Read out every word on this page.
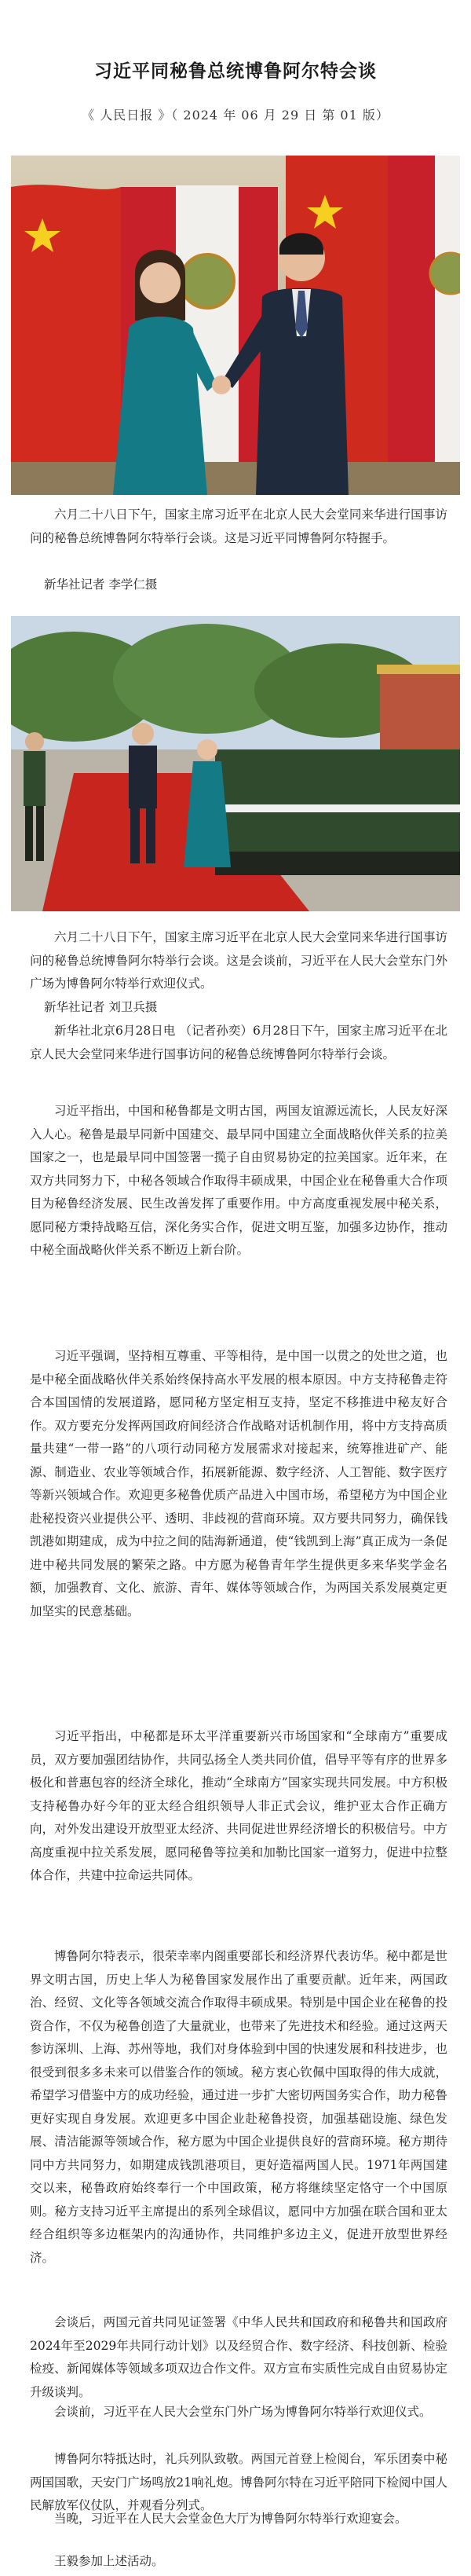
习近平同秘鲁总统博鲁阿尔特会谈
《 人民日报 》（ 2024 年 06 月 29 日 第 01 版）

六月二十八日下午，国家主席习近平在北京人民大会堂同来华进行国事访问的秘鲁总统博鲁阿尔特举行会谈。这是习近平同博鲁阿尔特握手。

新华社记者 李学仁摄

六月二十八日下午，国家主席习近平在北京人民大会堂同来华进行国事访问的秘鲁总统博鲁阿尔特举行会谈。这是会谈前，习近平在人民大会堂东门外广场为博鲁阿尔特举行欢迎仪式。

新华社记者 刘卫兵摄

新华社北京6月28日电 （记者孙奕）6月28日下午，国家主席习近平在北京人民大会堂同来华进行国事访问的秘鲁总统博鲁阿尔特举行会谈。

习近平指出，中国和秘鲁都是文明古国，两国友谊源远流长，人民友好深入人心。秘鲁是最早同新中国建交、最早同中国建立全面战略伙伴关系的拉美国家之一，也是最早同中国签署一揽子自由贸易协定的拉美国家。近年来，在双方共同努力下，中秘各领域合作取得丰硕成果，中国企业在秘鲁重大合作项目为秘鲁经济发展、民生改善发挥了重要作用。中方高度重视发展中秘关系，愿同秘方秉持战略互信，深化务实合作，促进文明互鉴，加强多边协作，推动中秘全面战略伙伴关系不断迈上新台阶。

习近平强调，坚持相互尊重、平等相待，是中国一以贯之的处世之道，也是中秘全面战略伙伴关系始终保持高水平发展的根本原因。中方支持秘鲁走符合本国国情的发展道路，愿同秘方坚定相互支持，坚定不移推进中秘友好合作。双方要充分发挥两国政府间经济合作战略对话机制作用，将中方支持高质量共建“一带一路”的八项行动同秘方发展需求对接起来，统筹推进矿产、能源、制造业、农业等领域合作，拓展新能源、数字经济、人工智能、数字医疗等新兴领域合作。欢迎更多秘鲁优质产品进入中国市场，希望秘方为中国企业赴秘投资兴业提供公平、透明、非歧视的营商环境。双方要共同努力，确保钱凯港如期建成，成为中拉之间的陆海新通道，使“钱凯到上海”真正成为一条促进中秘共同发展的繁荣之路。中方愿为秘鲁青年学生提供更多来华奖学金名额，加强教育、文化、旅游、青年、媒体等领域合作，为两国关系发展奠定更加坚实的民意基础。

习近平指出，中秘都是环太平洋重要新兴市场国家和“全球南方”重要成员，双方要加强团结协作，共同弘扬全人类共同价值，倡导平等有序的世界多极化和普惠包容的经济全球化，推动“全球南方”国家实现共同发展。中方积极支持秘鲁办好今年的亚太经合组织领导人非正式会议，维护亚太合作正确方向，对外发出建设开放型亚太经济、共同促进世界经济增长的积极信号。中方高度重视中拉关系发展，愿同秘鲁等拉美和加勒比国家一道努力，促进中拉整体合作，共建中拉命运共同体。

博鲁阿尔特表示，很荣幸率内阁重要部长和经济界代表访华。秘中都是世界文明古国，历史上华人为秘鲁国家发展作出了重要贡献。近年来，两国政治、经贸、文化等各领域交流合作取得丰硕成果。特别是中国企业在秘鲁的投资合作，不仅为秘鲁创造了大量就业，也带来了先进技术和经验。通过这两天参访深圳、上海、苏州等地，我们对身体验到中国的快速发展和科技进步，也很受到很多多未来可以借鉴合作的领域。秘方衷心钦佩中国取得的伟大成就，希望学习借鉴中方的成功经验，通过进一步扩大密切两国务实合作，助力秘鲁更好实现自身发展。欢迎更多中国企业赴秘鲁投资，加强基础设施、绿色发展、清洁能源等领域合作，秘方愿为中国企业提供良好的营商环境。秘方期待同中方共同努力，如期建成钱凯港项目，更好造福两国人民。1971年两国建交以来，秘鲁政府始终奉行一个中国政策，秘方将继续坚定恪守一个中国原则。秘方支持习近平主席提出的系列全球倡议，愿同中方加强在联合国和亚太经合组织等多边框架内的沟通协作，共同维护多边主义，促进开放型世界经济。

会谈后，两国元首共同见证签署《中华人民共和国政府和秘鲁共和国政府2024年至2029年共同行动计划》以及经贸合作、数字经济、科技创新、检验检疫、新闻媒体等领域多项双边合作文件。双方宣布实质性完成自由贸易协定升级谈判。

会谈前，习近平在人民大会堂东门外广场为博鲁阿尔特举行欢迎仪式。

博鲁阿尔特抵达时，礼兵列队致敬。两国元首登上检阅台，军乐团奏中秘两国国歌，天安门广场鸣放21响礼炮。博鲁阿尔特在习近平陪同下检阅中国人民解放军仪仗队，并观看分列式。

当晚，习近平在人民大会堂金色大厅为博鲁阿尔特举行欢迎宴会。

王毅参加上述活动。
